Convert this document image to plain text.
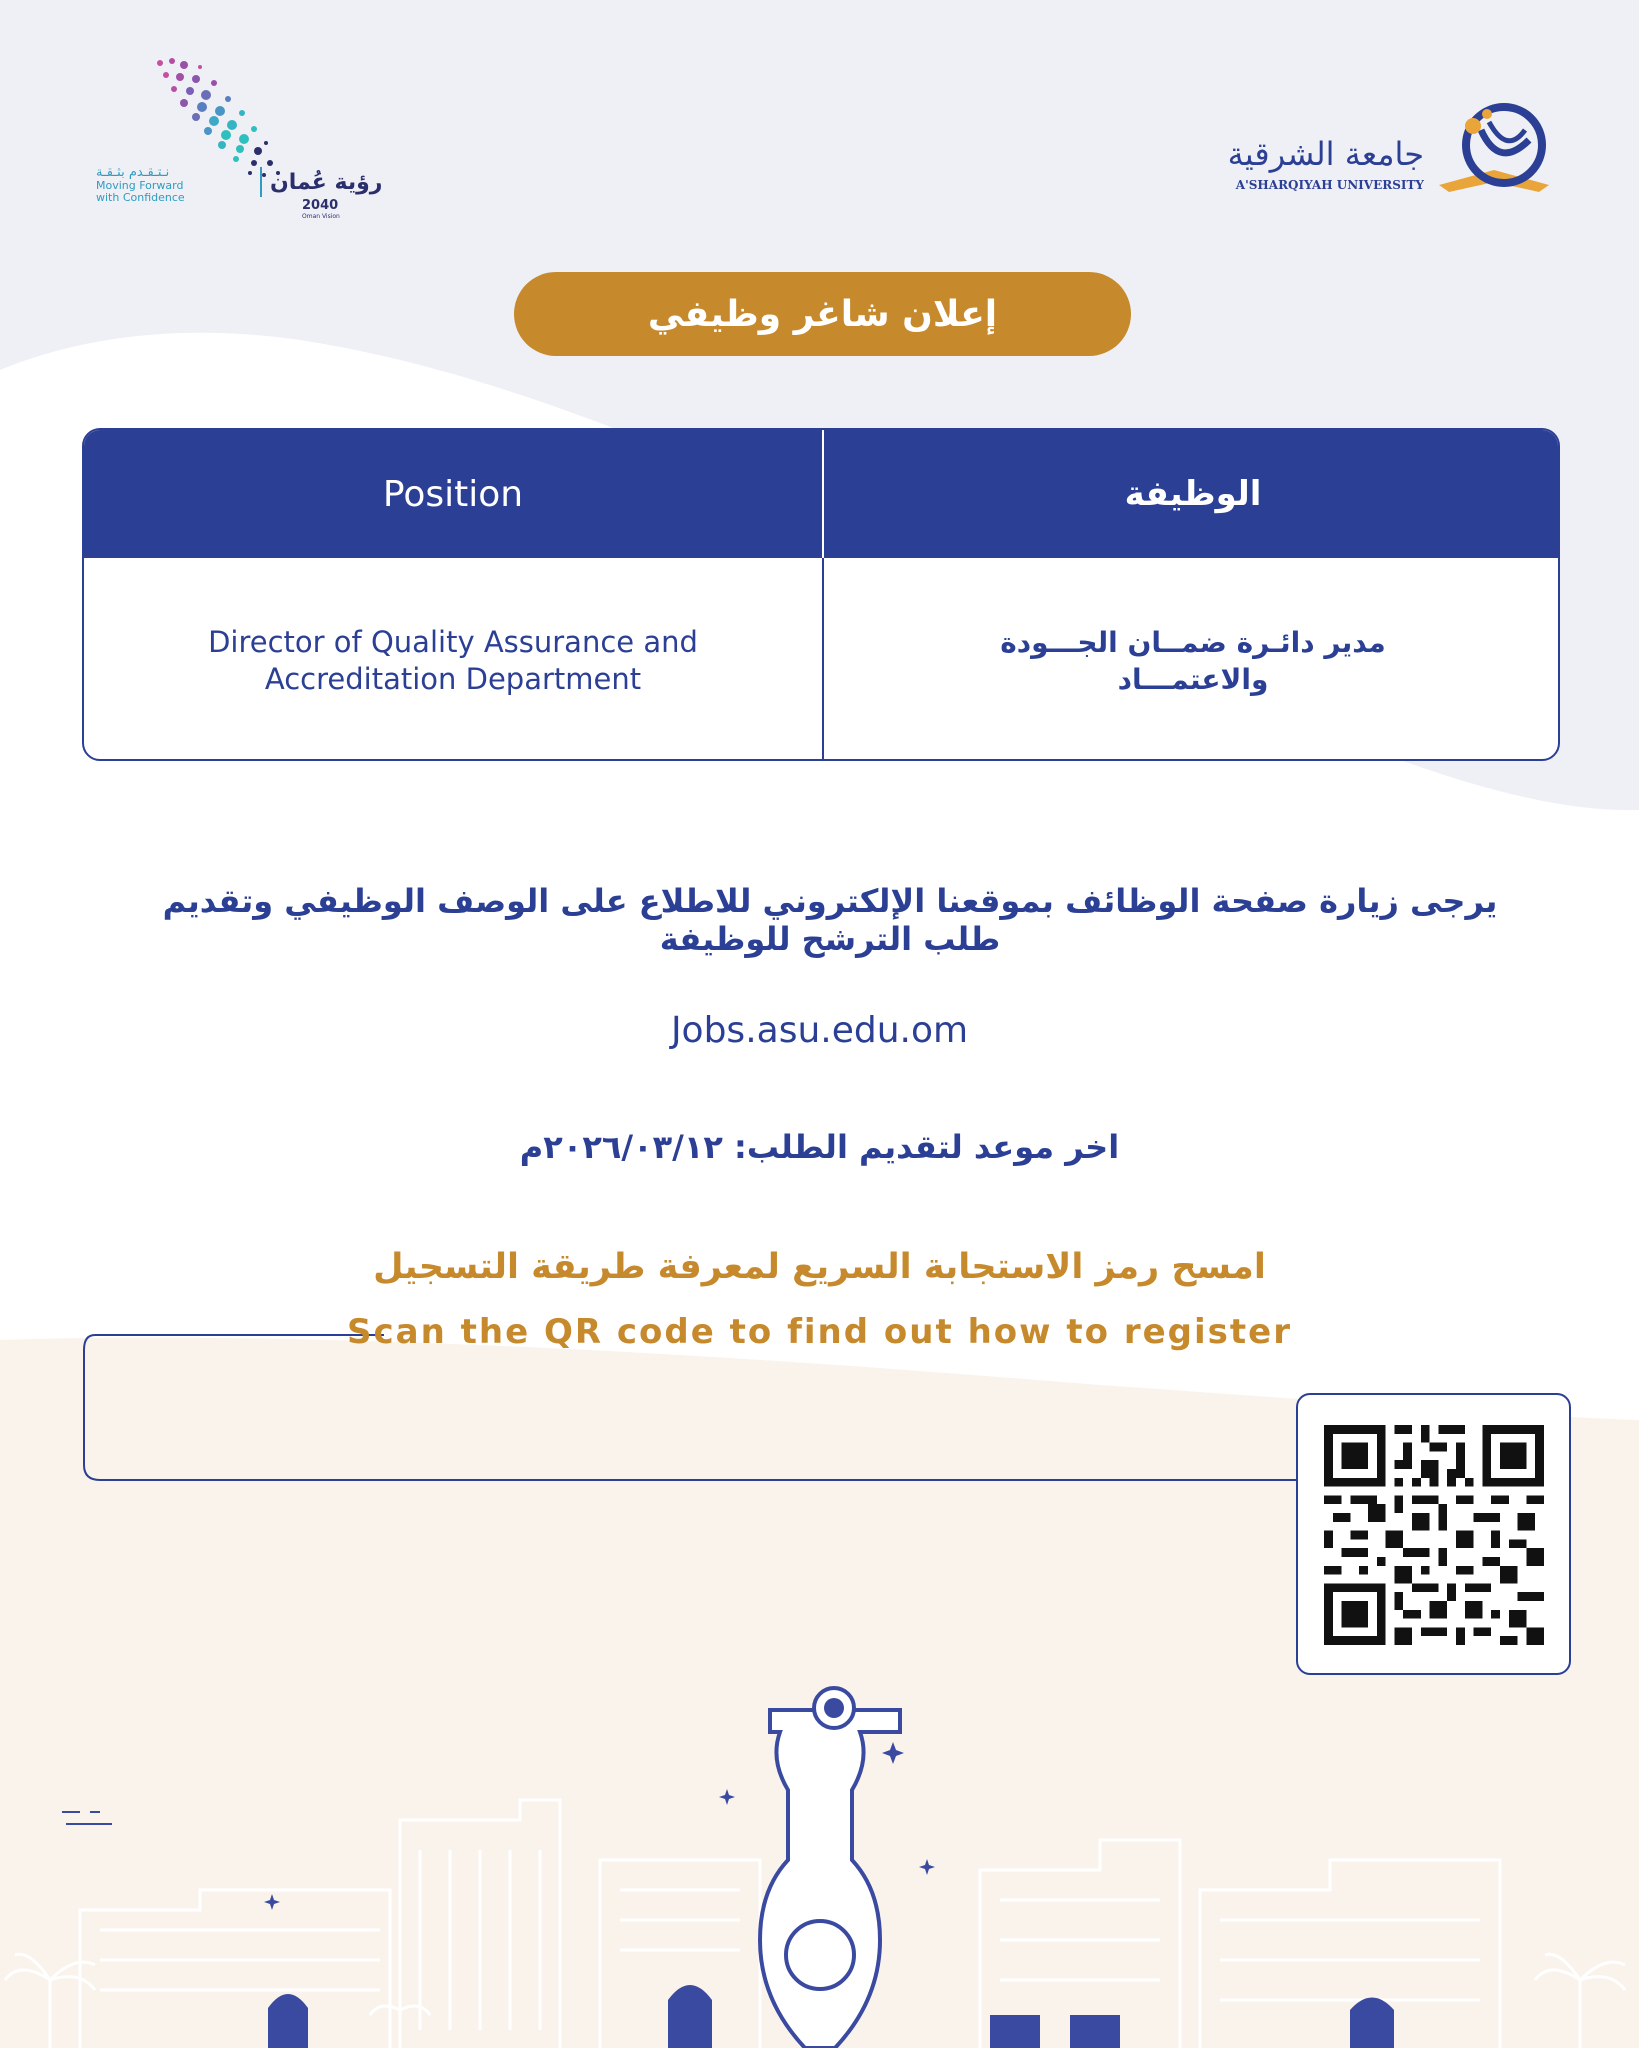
نـتـقـدم بثـقـة
Moving Forward
with Confidence
رؤية عُمان
2040
Oman Vision
جامعة الشرقية
A'SHARQIYAH UNIVERSITY
إعلان شاغر وظيفي
Position	الوظيفة
Director of Quality Assurance and Accreditation Department
مدير دائـرة ضمــان الجـــودة والاعتمـــاد
يرجى زيارة صفحة الوظائف بموقعنا الإلكتروني للاطلاع على الوصف الوظيفي وتقديم طلب الترشح للوظيفة
Jobs.asu.edu.om
اخر موعد لتقديم الطلب: ٢٠٢٦/٠٣/١٢م
امسح رمز الاستجابة السريع لمعرفة طريقة التسجيل
Scan the QR code to find out how to register
